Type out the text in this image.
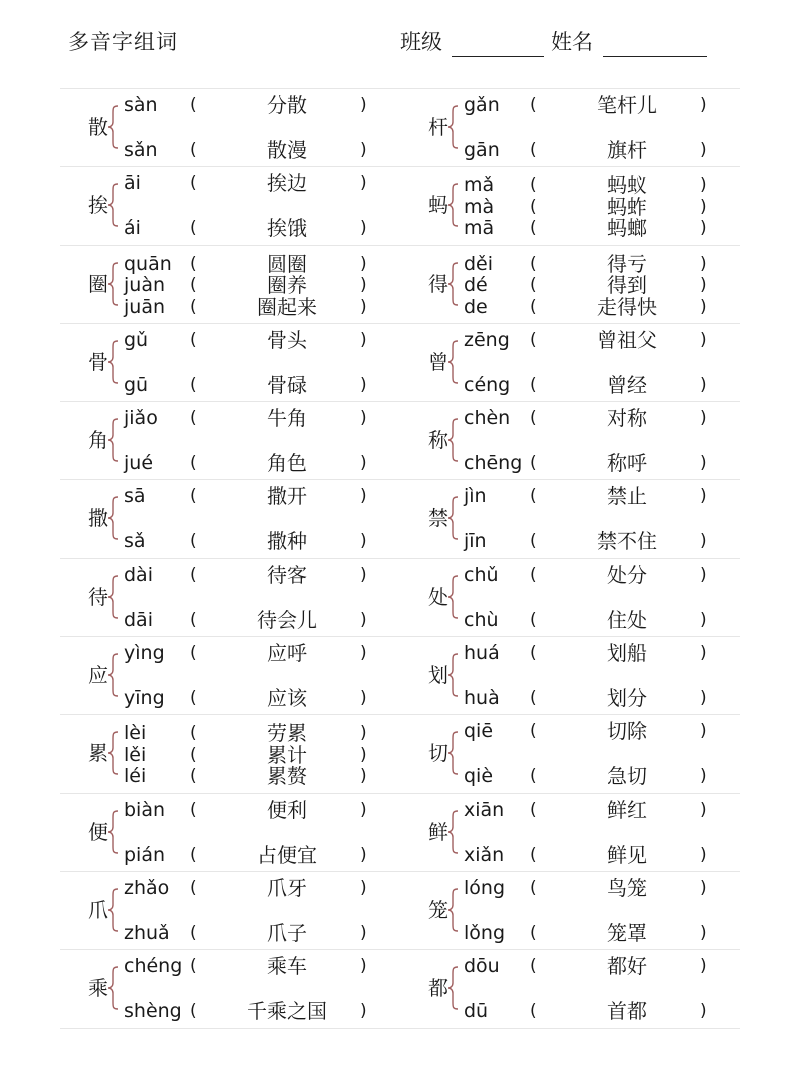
多音字组词	班级	姓名
散
sàn (	分散	)
sǎn (	散漫	)
杆
gǎn (	笔杆儿	)
gān (	旗杆	)
挨
āi	(	挨边	)
ái	(	挨饿	)
蚂
mǎ (	蚂蚁	)
mà (	蚂蚱	)
mā (	蚂螂	)
圈
quān (	圆圈	)
juàn (	圈养	)
juān (	圈起来	)
得
děi (	得亏	)
dé (	得到	)
de (	走得快	)
骨
gǔ (	骨头	)
gū (	骨碌	)
曾
zēng (	曾祖父	)
céng (	曾经	)
角
jiǎo (	牛角	)
jué (	角色	)
称
chèn (	对称	)
chēng (	称呼	)
撒
sā	(	撒开	)
sǎ	(	撒种	)
禁
jìn	(	禁止	)
jīn	(	禁不住	)
待
dài (	待客	)
dāi (	待会儿	)
处
chǔ (	处分	)
chù (	住处	)
应
yìng (	应呼	)
yīng (	应该	)
划
huá (	划船	)
huà (	划分	)
累
lèi	(	劳累	)
lěi	(	累计	)
léi	(	累赘	)
切
qiē (	切除	)
qiè (	急切	)
便
biàn (	便利	)
pián (	占便宜	)
鲜
xiān (	鲜红	)
xiǎn (	鲜见	)
爪
zhǎo (	爪牙	)
zhuǎ (	爪子	)
笼
lóng (	鸟笼	)
lǒng (	笼罩	)
乘
chéng (	乘车	)
shèng (	千乘之国	)
都
dōu (	都好	)
dū (	首都	)
